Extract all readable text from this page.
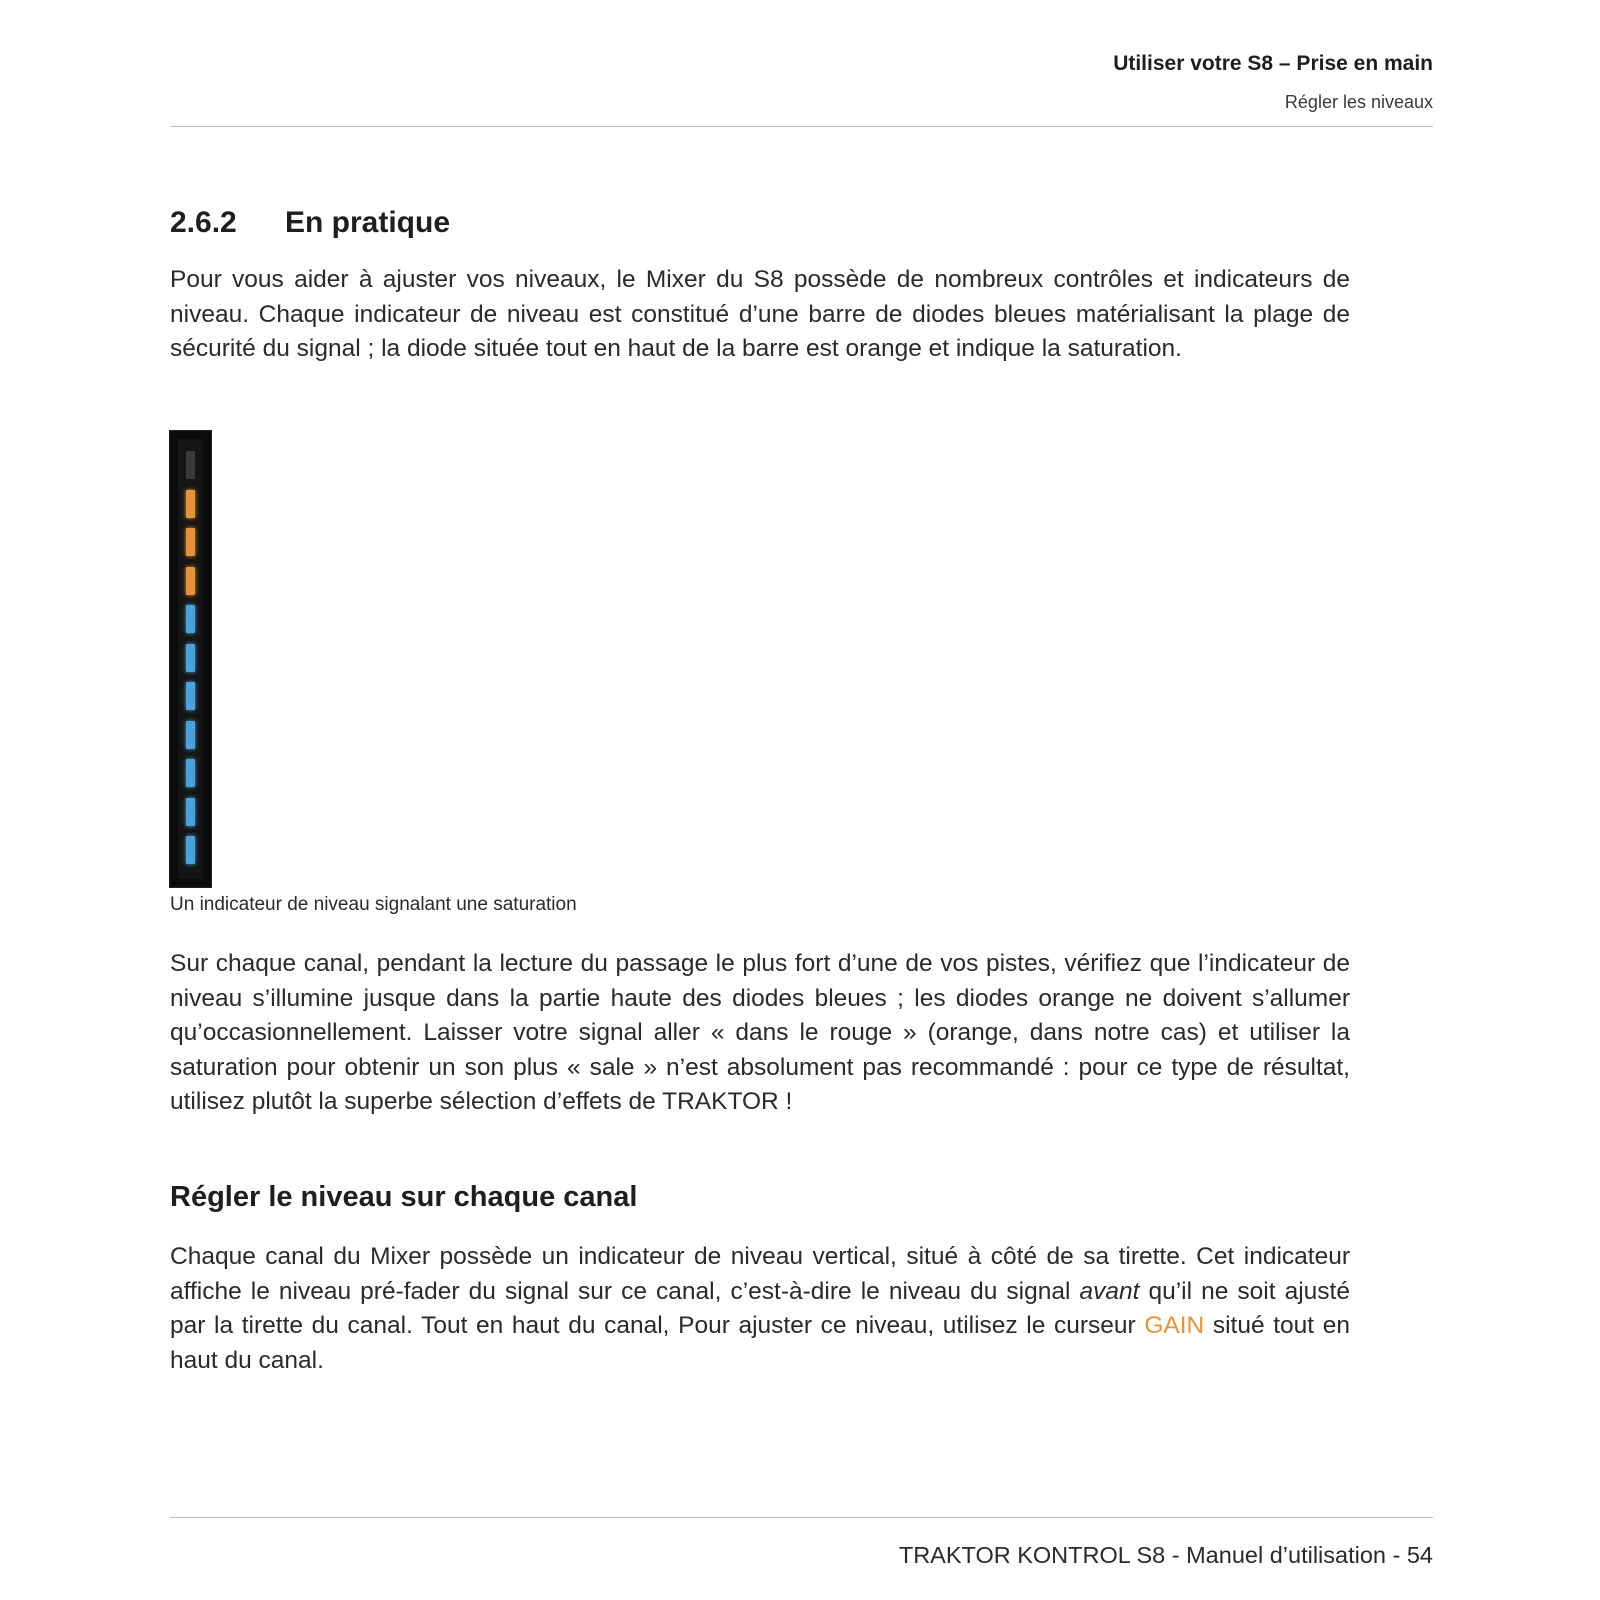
Utiliser votre S8 – Prise en main
Régler les niveaux
2.6.2 En pratique

Pour vous aider à ajuster vos niveaux, le Mixer du S8 possède de nombreux contrôles et indicateurs de niveau. Chaque indicateur de niveau est constitué d’une barre de diodes bleues matérialisant la plage de sécurité du signal ; la diode située tout en haut de la barre est orange et indique la saturation.

Un indicateur de niveau signalant une saturation

Sur chaque canal, pendant la lecture du passage le plus fort d’une de vos pistes, vérifiez que l’indicateur de niveau s’illumine jusque dans la partie haute des diodes bleues ; les diodes orange ne doivent s’allumer qu’occasionnellement. Laisser votre signal aller « dans le rouge » (orange, dans notre cas) et utiliser la saturation pour obtenir un son plus « sale » n’est absolument pas recommandé : pour ce type de résultat, utilisez plutôt la superbe sélection d’effets de TRAKTOR !

Régler le niveau sur chaque canal

Chaque canal du Mixer possède un indicateur de niveau vertical, situé à côté de sa tirette. Cet indicateur affiche le niveau pré-fader du signal sur ce canal, c’est-à-dire le niveau du signal avant qu’il ne soit ajusté par la tirette du canal. Tout en haut du canal, Pour ajuster ce niveau, utilisez le curseur GAIN situé tout en haut du canal.

TRAKTOR KONTROL S8 - Manuel d’utilisation - 54
